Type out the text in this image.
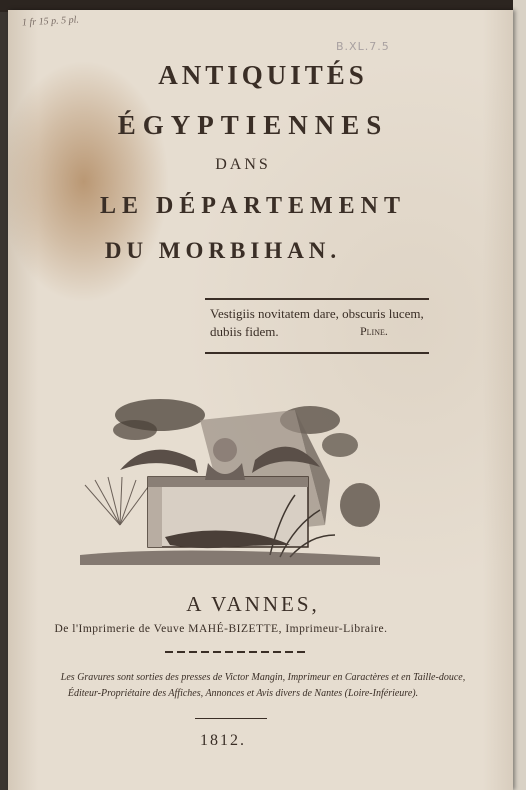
1 fr 15 p. 5 pl.
B.XL.7.5
ANTIQUITÉS
ÉGYPTIENNES
DANS
LE DÉPARTEMENT
DU MORBIHAN.
Vestigiis novitatem dare, obscuris lucem,
dubiis fidem.	Pline.
A VANNES,
De l'Imprimerie de Veuve MAHÉ-BIZETTE, Imprimeur-Libraire.
Les Gravures sont sorties des presses de Victor Mangin, Imprimeur en Caractères et en Taille-douce,
Éditeur-Propriétaire des Affiches, Annonces et Avis divers de Nantes (Loire-Inférieure).
1812.
